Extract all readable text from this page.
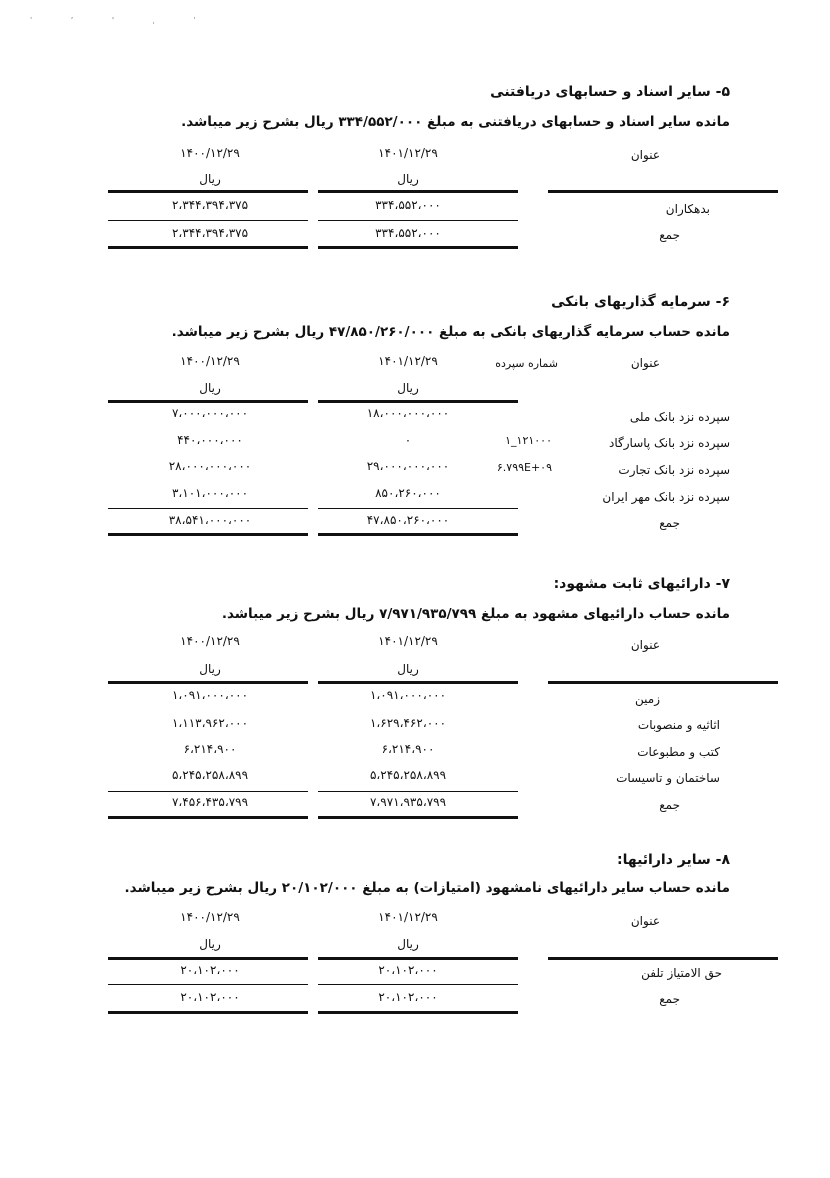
ˈ ʼ ' ˌ ˈ
۵- سایر اسناد و حسابهای دریافتنی
مانده سایر اسناد و حسابهای دریافتنی به مبلغ ۳۳۴/۵۵۲/۰۰۰ ریال بشرح زیر میباشد.
عنوان
۱۴۰۱/۱۲/۲۹
۱۴۰۰/۱۲/۲۹
ریال
ریال
بدهکاران
۳۳۴،۵۵۲،۰۰۰
۲،۳۴۴،۳۹۴،۳۷۵
جمع
۳۳۴،۵۵۲،۰۰۰
۲،۳۴۴،۳۹۴،۳۷۵
۶- سرمایه گذاریهای بانکی
مانده حساب سرمایه گذاریهای بانکی به مبلغ ۴۷/۸۵۰/۲۶۰/۰۰۰ ریال بشرح زیر میباشد.
عنوان
شماره سپرده
۱۴۰۱/۱۲/۲۹
۱۴۰۰/۱۲/۲۹
ریال
ریال
سپرده نزد بانک ملی
۱۸،۰۰۰،۰۰۰،۰۰۰
۷،۰۰۰،۰۰۰،۰۰۰
سپرده نزد بانک پاسارگاد
۱۲۱۰۰۰_۱
۰
۴۴۰،۰۰۰،۰۰۰
سپرده نزد بانک تجارت
۶.۷۹۹E+۰۹
۲۹،۰۰۰،۰۰۰،۰۰۰
۲۸،۰۰۰،۰۰۰،۰۰۰
سپرده نزد بانک مهر ایران
۸۵۰،۲۶۰،۰۰۰
۳،۱۰۱،۰۰۰،۰۰۰
جمع
۴۷،۸۵۰،۲۶۰،۰۰۰
۳۸،۵۴۱،۰۰۰،۰۰۰
۷- دارائیهای ثابت مشهود:
مانده حساب دارائیهای مشهود به مبلغ ۷/۹۷۱/۹۳۵/۷۹۹ ریال بشرح زیر میباشد.
عنوان
۱۴۰۱/۱۲/۲۹
۱۴۰۰/۱۲/۲۹
ریال
ریال
زمین
۱،۰۹۱،۰۰۰،۰۰۰
۱،۰۹۱،۰۰۰،۰۰۰
اثاثیه و منصوبات
۱،۶۲۹،۴۶۲،۰۰۰
۱،۱۱۳،۹۶۲،۰۰۰
کتب و مطبوعات
۶،۲۱۴،۹۰۰
۶،۲۱۴،۹۰۰
ساختمان و تاسیسات
۵،۲۴۵،۲۵۸،۸۹۹
۵،۲۴۵،۲۵۸،۸۹۹
جمع
۷،۹۷۱،۹۳۵،۷۹۹
۷،۴۵۶،۴۳۵،۷۹۹
۸- سایر دارائیها:
مانده حساب سایر دارائیهای نامشهود (امتیازات) به مبلغ ۲۰/۱۰۲/۰۰۰ ریال بشرح زیر میباشد.
عنوان
۱۴۰۱/۱۲/۲۹
۱۴۰۰/۱۲/۲۹
ریال
ریال
حق الامتیاز تلفن
۲۰،۱۰۲،۰۰۰
۲۰،۱۰۲،۰۰۰
جمع
۲۰،۱۰۲،۰۰۰
۲۰،۱۰۲،۰۰۰
